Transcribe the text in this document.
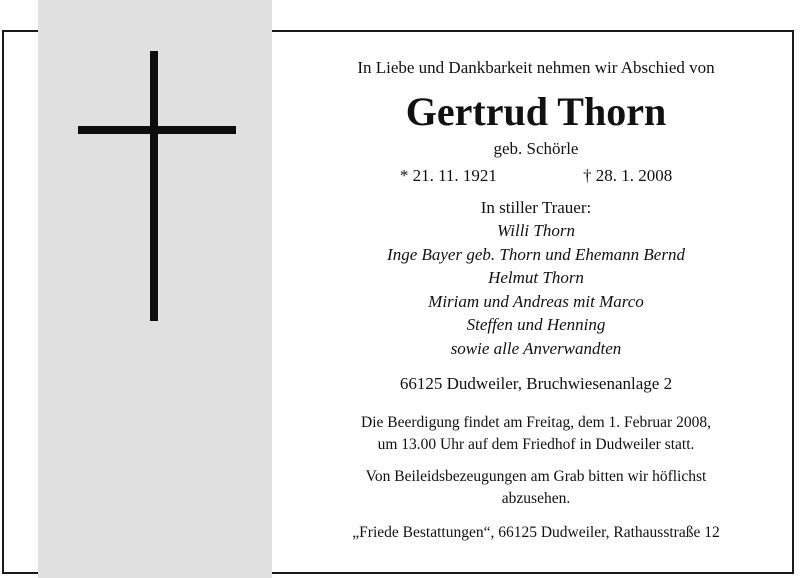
In Liebe und Dankbarkeit nehmen wir Abschied von
Gertrud Thorn
geb. Schörle
* 21. 11. 1921	† 28. 1. 2008
In stiller Trauer:
Willi Thorn
Inge Bayer geb. Thorn und Ehemann Bernd
Helmut Thorn
Miriam und Andreas mit Marco
Steffen und Henning
sowie alle Anverwandten
66125 Dudweiler, Bruchwiesenanlage 2
Die Beerdigung findet am Freitag, dem 1. Februar 2008,
um 13.00 Uhr auf dem Friedhof in Dudweiler statt.
Von Beileidsbezeugungen am Grab bitten wir höflichst
abzusehen.
„Friede Bestattungen“, 66125 Dudweiler, Rathausstraße 12
